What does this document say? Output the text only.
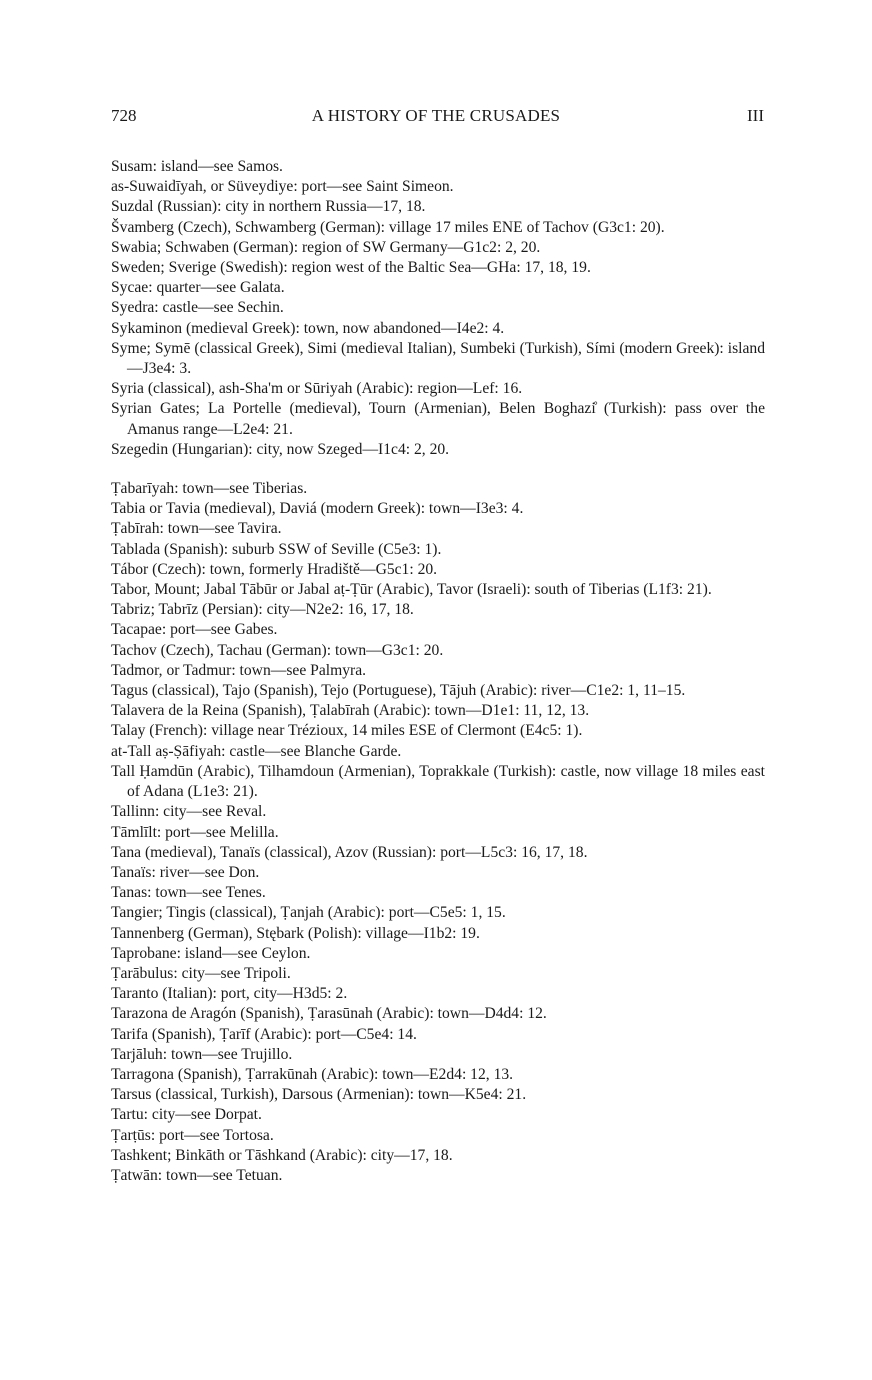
728	A HISTORY OF THE CRUSADES	III
Susam: island—see Samos.
as-Suwaidīyah, or Süveydiye: port—see Saint Simeon.
Suzdal (Russian): city in northern Russia—17, 18.
Švamberg (Czech), Schwamberg (German): village 17 miles ENE of Tachov (G3c1: 20).
Swabia; Schwaben (German): region of SW Germany—G1c2: 2, 20.
Sweden; Sverige (Swedish): region west of the Baltic Sea—GHa: 17, 18, 19.
Sycae: quarter—see Galata.
Syedra: castle—see Sechin.
Sykaminon (medieval Greek): town, now abandoned—I4e2: 4.
Syme; Symē (classical Greek), Simi (medieval Italian), Sumbeki (Turkish), Sími (modern Greek): island—J3e4: 3.
Syria (classical), ash-Sha'm or Sūriyah (Arabic): region—Lef: 16.
Syrian Gates; La Portelle (medieval), Tourn (Armenian), Belen Boghazi̊ (Turkish): pass over the Amanus range—L2e4: 21.
Szegedin (Hungarian): city, now Szeged—I1c4: 2, 20.
Ṭabarīyah: town—see Tiberias.
Tabia or Tavia (medieval), Daviá (modern Greek): town—I3e3: 4.
Ṭabīrah: town—see Tavira.
Tablada (Spanish): suburb SSW of Seville (C5e3: 1).
Tábor (Czech): town, formerly Hradiště—G5c1: 20.
Tabor, Mount; Jabal Tābūr or Jabal aṭ-Ṭūr (Arabic), Tavor (Israeli): south of Tiberias (L1f3: 21).
Tabriz; Tabrīz (Persian): city—N2e2: 16, 17, 18.
Tacapae: port—see Gabes.
Tachov (Czech), Tachau (German): town—G3c1: 20.
Tadmor, or Tadmur: town—see Palmyra.
Tagus (classical), Tajo (Spanish), Tejo (Portuguese), Tājuh (Arabic): river—C1e2: 1, 11–15.
Talavera de la Reina (Spanish), Ṭalabīrah (Arabic): town—D1e1: 11, 12, 13.
Talay (French): village near Trézioux, 14 miles ESE of Clermont (E4c5: 1).
at-Tall aṣ-Ṣāfiyah: castle—see Blanche Garde.
Tall Ḥamdūn (Arabic), Tilhamdoun (Armenian), Toprakkale (Turkish): castle, now village 18 miles east of Adana (L1e3: 21).
Tallinn: city—see Reval.
Tāmlīlt: port—see Melilla.
Tana (medieval), Tanaïs (classical), Azov (Russian): port—L5c3: 16, 17, 18.
Tanaïs: river—see Don.
Tanas: town—see Tenes.
Tangier; Tingis (classical), Ṭanjah (Arabic): port—C5e5: 1, 15.
Tannenberg (German), Stębark (Polish): village—I1b2: 19.
Taprobane: island—see Ceylon.
Ṭarābulus: city—see Tripoli.
Taranto (Italian): port, city—H3d5: 2.
Tarazona de Aragón (Spanish), Ṭarasūnah (Arabic): town—D4d4: 12.
Tarifa (Spanish), Ṭarīf (Arabic): port—C5e4: 14.
Tarjāluh: town—see Trujillo.
Tarragona (Spanish), Ṭarrakūnah (Arabic): town—E2d4: 12, 13.
Tarsus (classical, Turkish), Darsous (Armenian): town—K5e4: 21.
Tartu: city—see Dorpat.
Ṭarṭūs: port—see Tortosa.
Tashkent; Binkāth or Tāshkand (Arabic): city—17, 18.
Ṭatwān: town—see Tetuan.
